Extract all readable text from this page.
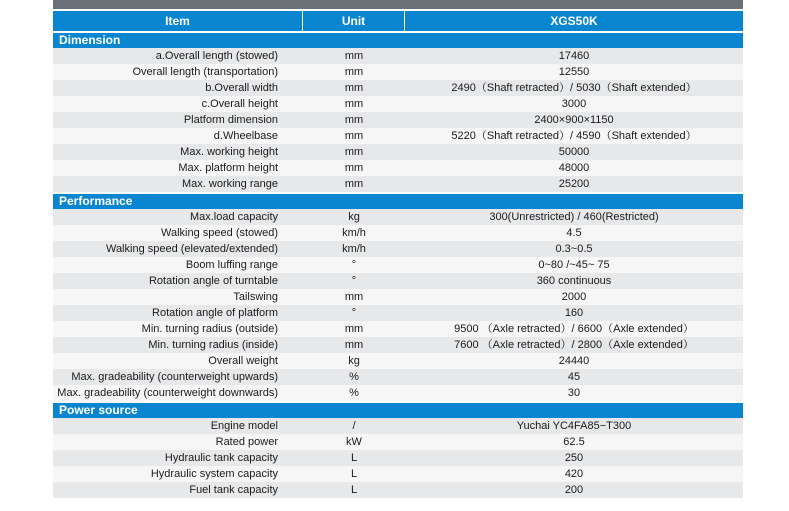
Item	Unit	XGS50K
Dimension
a.Overall length (stowed)	mm	17460
Overall length (transportation)	mm	12550
b.Overall width	mm	2490（Shaft retracted）/ 5030（Shaft extended）
c.Overall height	mm	3000
Platform dimension	mm	2400×900×1150
d.Wheelbase	mm	5220（Shaft retracted）/ 4590（Shaft extended）
Max. working height	mm	50000
Max. platform height	mm	48000
Max. working range	mm	25200
Performance
Max.load capacity	kg	300(Unrestricted) / 460(Restricted)
Walking speed (stowed)	km/h	4.5
Walking speed (elevated/extended)	km/h	0.3~0.5
Boom luffing range	°	0~80 /~45~ 75
Rotation angle of turntable	°	360 continuous
Tailswing	mm	2000
Rotation angle of platform	°	160
Min. turning radius (outside)	mm	9500 （Axle retracted）/ 6600（Axle extended）
Min. turning radius (inside)	mm	7600 （Axle retracted）/ 2800（Axle extended）
Overall weight	kg	24440
Max. gradeability (counterweight upwards)	%	45
Max. gradeability (counterweight downwards)	%	30
Power source
Engine model	/	Yuchai YC4FA85−T300
Rated power	kW	62.5
Hydraulic tank capacity	L	250
Hydraulic system capacity	L	420
Fuel tank capacity	L	200
